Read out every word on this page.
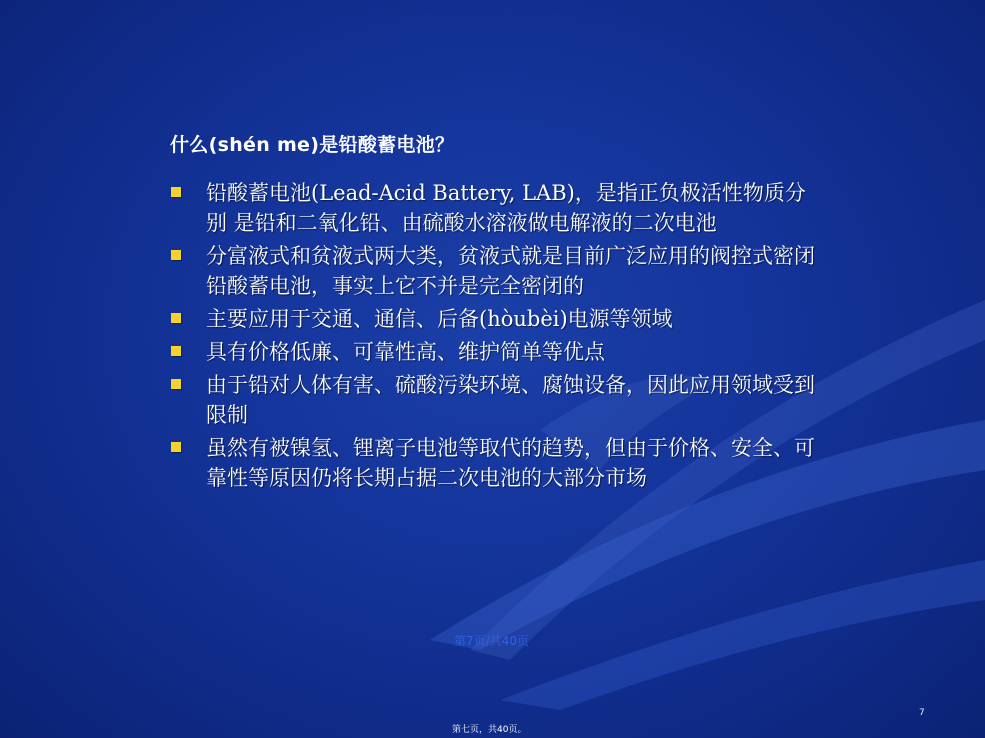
什么(shén me)是铅酸蓄电池？
铅酸蓄电池(Lead-Acid Battery, LAB)，是指正负极活性物质分别 是铅和二氧化铅、由硫酸水溶液做电解液的二次电池
分富液式和贫液式两大类，贫液式就是目前广泛应用的阀控式密闭铅酸蓄电池，事实上它不并是完全密闭的
主要应用于交通、通信、后备(hòubèi)电源等领域
具有价格低廉、可靠性高、维护简单等优点
由于铅对人体有害、硫酸污染环境、腐蚀设备，因此应用领域受到限制
虽然有被镍氢、锂离子电池等取代的趋势，但由于价格、安全、可靠性等原因仍将长期占据二次电池的大部分市场
第7页/共40页
7
第七页，共40页。
